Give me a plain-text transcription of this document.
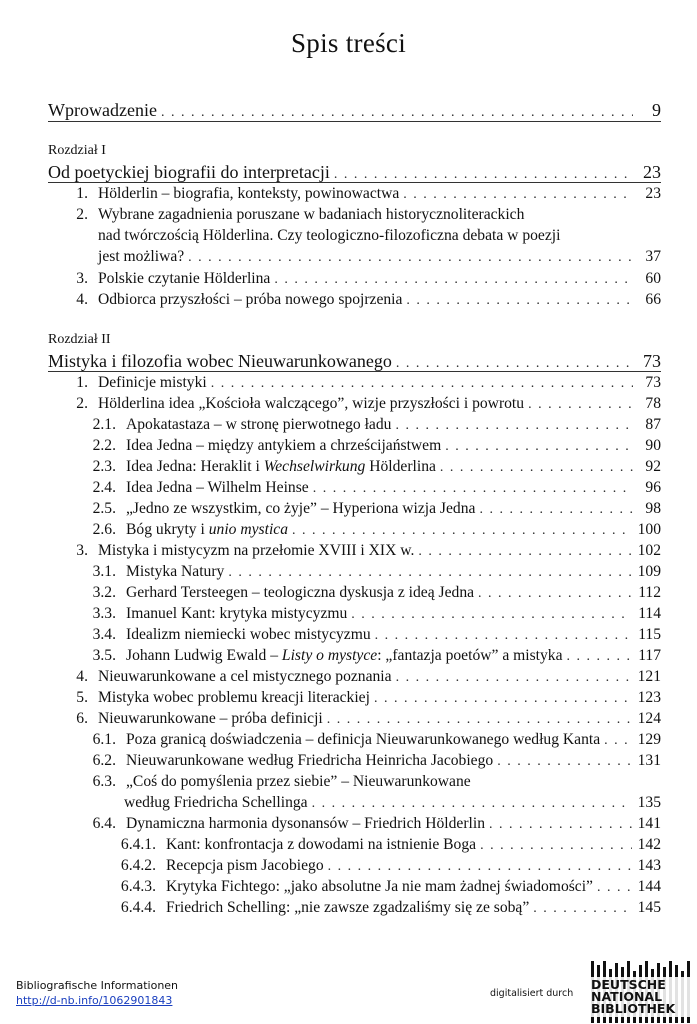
Spis treści
Wprowadzenie . . .	9
Rozdział I
Od poetyckiej biografii do interpretacji . . .	23
1. Hölderlin – biografia, konteksty, powinowactwa . . .	23
2. Wybrane zagadnienia poruszane w badaniach historycznoliterackich
nad twórczością Hölderlina. Czy teologiczno-filozoficzna debata w poezji
jest możliwa? . . .	37
3. Polskie czytanie Hölderlina . . .	60
4. Odbiorca przyszłości – próba nowego spojrzenia . . .	66
Rozdział II
Mistyka i filozofia wobec Nieuwarunkowanego . . .	73
1. Definicje mistyki . . .	73
2. Hölderlina idea „Kościoła walczącego”, wizje przyszłości i powrotu . . .	78
2.1. Apokatastaza – w stronę pierwotnego ładu . . .	87
2.2. Idea Jedna – między antykiem a chrześcijaństwem . . .	90
2.3. Idea Jedna: Heraklit i Wechselwirkung Hölderlina . . .	92
2.4. Idea Jedna – Wilhelm Heinse . . .	96
2.5. „Jedno ze wszystkim, co żyje” – Hyperiona wizja Jedna . . .	98
2.6. Bóg ukryty i unio mystica . . .	100
3. Mistyka i mistycyzm na przełomie XVIII i XIX w. . . .	102
3.1. Mistyka Natury . . .	109
3.2. Gerhard Tersteegen – teologiczna dyskusja z ideą Jedna . . .	112
3.3. Imanuel Kant: krytyka mistycyzmu . . .	114
3.4. Idealizm niemiecki wobec mistycyzmu . . .	115
3.5. Johann Ludwig Ewald – Listy o mystyce: „fantazja poetów” a mistyka . . .	117
4. Nieuwarunkowane a cel mistycznego poznania . . .	121
5. Mistyka wobec problemu kreacji literackiej . . .	123
6. Nieuwarunkowane – próba definicji . . .	124
6.1. Poza granicą doświadczenia – definicja Nieuwarunkowanego według Kanta . . . 129
6.2. Nieuwarunkowane według Friedricha Heinricha Jacobiego . . .	131
6.3. „Coś do pomyślenia przez siebie” – Nieuwarunkowane
według Friedricha Schellinga . . .	135
6.4. Dynamiczna harmonia dysonansów – Friedrich Hölderlin . . .	141
6.4.1. Kant: konfrontacja z dowodami na istnienie Boga . . .	142
6.4.2. Recepcja pism Jacobiego . . .	143
6.4.3. Krytyka Fichtego: „jako absolutne Ja nie mam żadnej świadomości” . . .	144
6.4.4. Friedrich Schelling: „nie zawsze zgadzaliśmy się ze sobą” . . .	145
Bibliografische Informationen
http://d-nb.info/1062901843
digitalisiert durch
DEUTSCHE
NATIONAL
BIBLIOTHEK
